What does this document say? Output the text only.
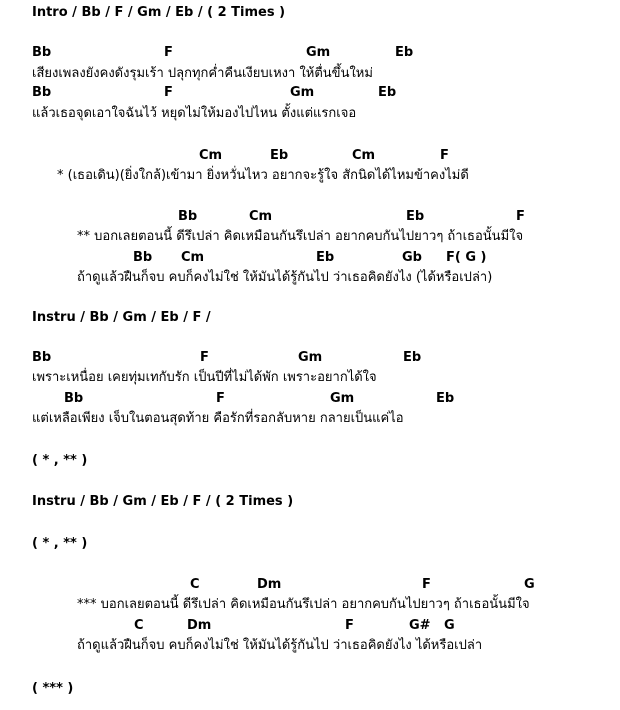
Intro / Bb / F / Gm / Eb / ( 2 Times )
Bb	F	Gm	Eb
เสียงเพลงยังคงดังรุมเร้า ปลุกทุกค่ำคืนเงียบเหงา ให้ตื่นขึ้นใหม่
Bb	F	Gm	Eb
แล้วเธอจุดเอาใจฉันไว้ หยุดไม่ให้มองไปไหน ตั้งแต่แรกเจอ
Cm	Eb	Cm	F
* (เธอเดิน)(ยิ่งใกล้)เข้ามา ยิ่งหวั่นไหว อยากจะรู้ใจ สักนิดได้ไหมข้าคงไม่ดี
Bb	Cm	Eb	F
** บอกเลยตอนนี้ ดีรึเปล่า คิดเหมือนกันรึเปล่า อยากคบกันไปยาวๆ ถ้าเธอนั้นมีใจ
Bb Cm	Eb	Gb F( G )
ถ้าดูแล้วฝืนก็จบ คบก็คงไม่ใช่ ให้มันได้รู้กันไป ว่าเธอคิดยังไง (ได้หรือเปล่า)
Instru / Bb / Gm / Eb / F /
Bb	F	Gm	Eb
เพราะเหนื่อย เคยทุ่มเทกับรัก เป็นปีที่ไม่ได้พัก เพราะอยากได้ใจ
Bb	F	Gm	Eb
แต่เหลือเพียง เจ็บในตอนสุดท้าย คือรักที่รอกลับหาย กลายเป็นแค่ไอ
( * , ** )
Instru / Bb / Gm / Eb / F / ( 2 Times )
( * , ** )
C	Dm	F	G
*** บอกเลยตอนนี้ ดีรึเปล่า คิดเหมือนกันรึเปล่า อยากคบกันไปยาวๆ ถ้าเธอนั้นมีใจ
C	Dm	F	G# G
ถ้าดูแล้วฝืนก็จบ คบก็คงไม่ใช่ ให้มันได้รู้กันไป ว่าเธอคิดยังไง ได้หรือเปล่า
( *** )
